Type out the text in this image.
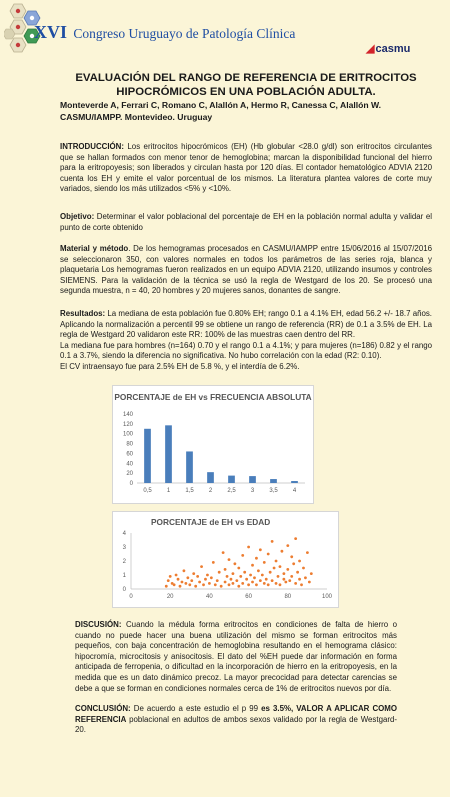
XVI Congreso Uruguayo de Patología Clínica
◢casmu
EVALUACIÓN DEL RANGO DE REFERENCIA DE ERITROCITOS HIPOCRÓMICOS EN UNA POBLACIÓN ADULTA.
Monteverde A, Ferrari C, Romano C, Alallón A, Hermo R, Canessa C, Alallón W. CASMU/IAMPP. Montevideo. Uruguay
INTRODUCCIÓN: Los eritrocitos hipocrómicos (EH) (Hb globular <28.0 g/dl) son eritrocitos circulantes que se hallan formados con menor tenor de hemoglobina; marcan la disponibilidad funcional del hierro para la eritropoyesis; son liberados y circulan hasta por 120 días. El contador hematológico ADVIA 2120 cuenta los EH y emite el valor porcentual de los mismos. La literatura plantea valores de corte muy variados, siendo los más utilizados <5% y <10%.
Objetivo: Determinar el valor poblacional del porcentaje de EH en la población normal adulta y validar el punto de corte obtenido
Material y método. De los hemogramas procesados en CASMU/IAMPP entre 15/06/2016 al 15/07/2016 se seleccionaron 350, con valores normales en todos los parámetros de las series roja, blanca y plaquetaria Los hemogramas fueron realizados en un equipo ADVIA 2120, utilizando insumos y controles SIEMENS. Para la validación de la técnica se usó la regla de Westgard de los 20. Se procesó una segunda muestra, n = 40, 20 hombres y 20 mujeres sanos, donantes de sangre.

Resultados: La mediana de esta población fue 0.80% EH; rango 0.1 a 4.1% EH, edad 56.2 +/- 18.7 años. Aplicando la normalización a percentil 99 se obtiene un rango de referencia (RR) de 0.1 a 3.5% de EH. La regla de Westgard 20 validaron este RR: 100% de las muestras caen dentro del RR.

La mediana fue para hombres (n=164) 0.70 y el rango 0.1 a 4.1%; y para mujeres (n=186) 0.82 y el rango 0.1 a 3.7%, siendo la diferencia no significativa. No hubo correlación con la edad (R2: 0.10).

El CV intraensayo fue para 2.5% EH de 5.8 %, y el interdía de 6.2%.

PORCENTAJE de EH vs FRECUENCIA ABSOLUTA
0
20
40
60
80
100
120
140
0,5	1	1,5	2	2,5	3	3,5	4
PORCENTAJE de EH vs EDAD
0
1
2
3
4
0	20	40	60	80	100

DISCUSIÓN: Cuando la médula forma eritrocitos en condiciones de falta de hierro o cuando no puede hacer una buena utilización del mismo se forman eritrocitos más pequeños, con baja concentración de hemoglobina resultando en el hemograma clásico: hipocromía, microcitosis y anisocitosis. El dato del %EH puede dar información en forma anticipada de ferropenia, o dificultad en la incorporación de hierro en la eritropoyesis, en la medida que es un dato dinámico precoz. La mayor precocidad para detectar carencias se debe a que se forman en condiciones normales cerca de 1% de eritrocitos nuevos por día.

CONCLUSIÓN: De acuerdo a este estudio el p 99 es 3.5%, VALOR A APLICAR COMO REFERENCIA poblacional en adultos de ambos sexos validado por la regla de Westgard-20.
